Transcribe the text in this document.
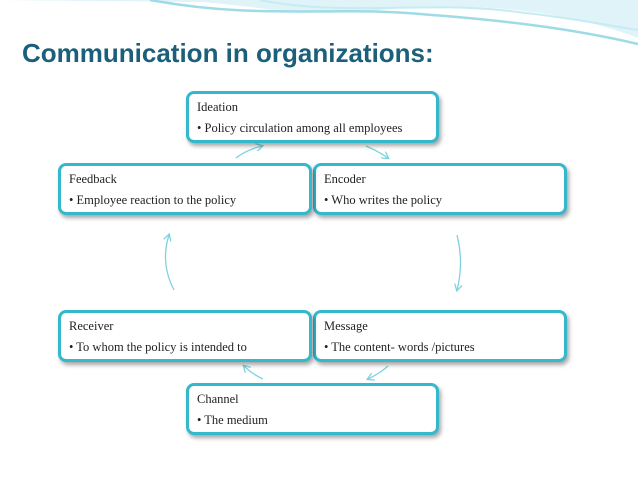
Communication in organizations:
Ideation
• Policy circulation among all employees
Encoder
• Who writes the policy
Message
• The content- words /pictures
Channel
• The medium
Receiver
• To whom the policy is intended to
Feedback
• Employee reaction to the policy
